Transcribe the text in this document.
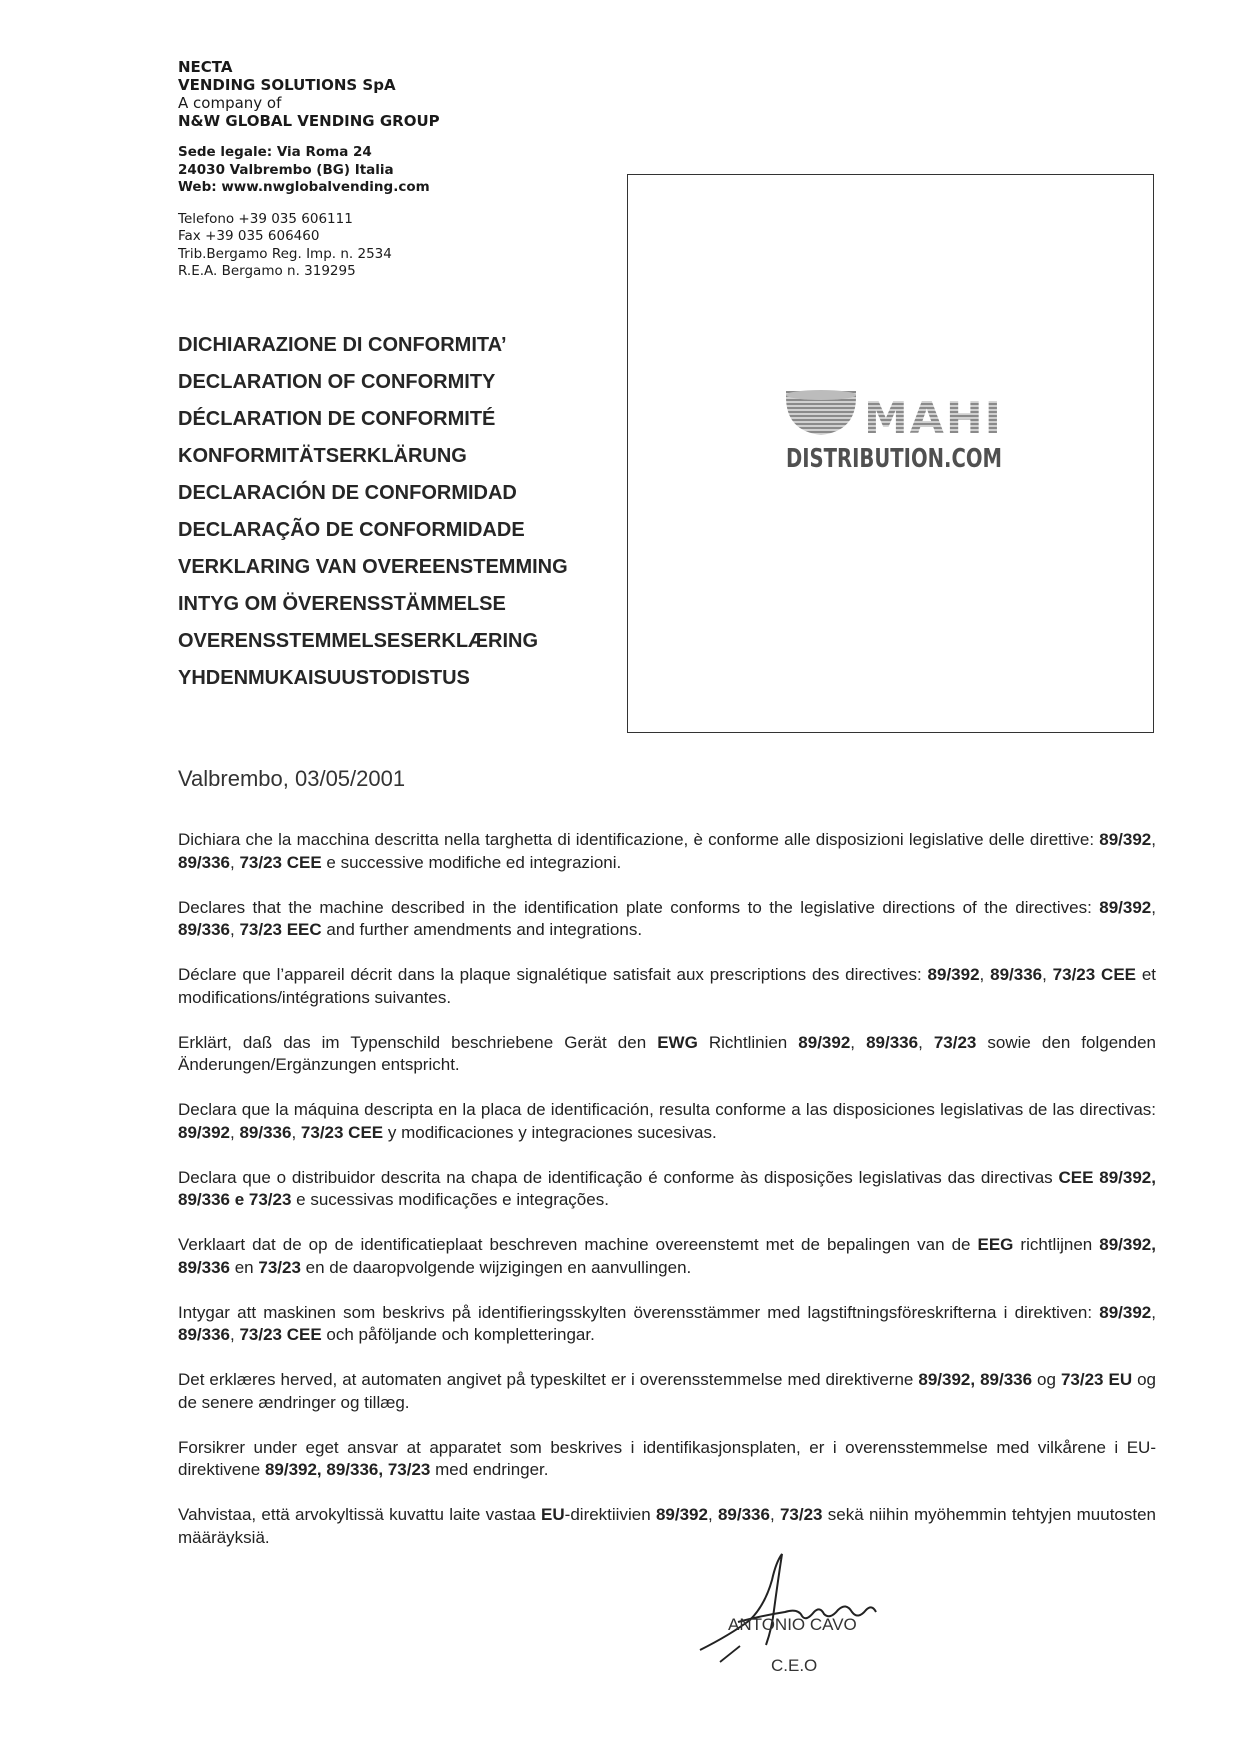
NECTA
VENDING SOLUTIONS SpA
A company of
N&W GLOBAL VENDING GROUP
Sede legale: Via Roma 24
24030 Valbrembo (BG) Italia
Web: www.nwglobalvending.com
Telefono +39 035 606111
Fax +39 035 606460
Trib.Bergamo Reg. Imp. n. 2534
R.E.A. Bergamo n. 319295
DICHIARAZIONE DI CONFORMITA’
DECLARATION OF CONFORMITY
DÉCLARATION DE CONFORMITÉ
KONFORMITÄTSERKLÄRUNG
DECLARACIÓN DE CONFORMIDAD
DECLARAÇÃO DE CONFORMIDADE
VERKLARING VAN OVEREENSTEMMING
INTYG OM ÖVERENSSTÄMMELSE
OVERENSSTEMMELSESERKLÆRING
YHDENMUKAISUUSTODISTUS
MAHI
DISTRIBUTION.COM
Valbrembo, 03/05/2001

Dichiara che la macchina descritta nella targhetta di identificazione, è conforme alle disposizioni legislative delle direttive: 89/392, 89/336, 73/23 CEE e successive modifiche ed integrazioni.

Declares that the machine described in the identification plate conforms to the legislative directions of the directives: 89/392, 89/336, 73/23 EEC and further amendments and integrations.

Déclare que l’appareil décrit dans la plaque signalétique satisfait aux prescriptions des directives: 89/392, 89/336, 73/23 CEE et modifications/intégrations suivantes.

Erklärt, daß das im Typenschild beschriebene Gerät den EWG Richtlinien 89/392, 89/336, 73/23 sowie den folgenden Änderungen/Ergänzungen entspricht.

Declara que la máquina descripta en la placa de identificación, resulta conforme a las disposiciones legislativas de las directivas: 89/392, 89/336, 73/23 CEE y modificaciones y integraciones sucesivas.

Declara que o distribuidor descrita na chapa de identificação é conforme às disposições legislativas das directivas CEE 89/392, 89/336 e 73/23 e sucessivas modificações e integrações.

Verklaart dat de op de identificatieplaat beschreven machine overeenstemt met de bepalingen van de EEG richtlijnen 89/392, 89/336 en 73/23 en de daaropvolgende wijzigingen en aanvullingen.

Intygar att maskinen som beskrivs på identifieringsskylten överensstämmer med lagstiftningsföreskrifterna i direktiven: 89/392, 89/336, 73/23 CEE och påföljande och kompletteringar.

Det erklæres herved, at automaten angivet på typeskiltet er i overensstemmelse med direktiverne 89/392, 89/336 og 73/23 EU og de senere ændringer og tillæg.

Forsikrer under eget ansvar at apparatet som beskrives i identifikasjonsplaten, er i overensstemmelse med vilkårene i EU-direktivene 89/392, 89/336, 73/23 med endringer.

Vahvistaa, että arvokyltissä kuvattu laite vastaa EU-direktiivien 89/392, 89/336, 73/23 sekä niihin myöhemmin tehtyjen muutosten määräyksiä.

ANTONIO CAVO
C.E.O
